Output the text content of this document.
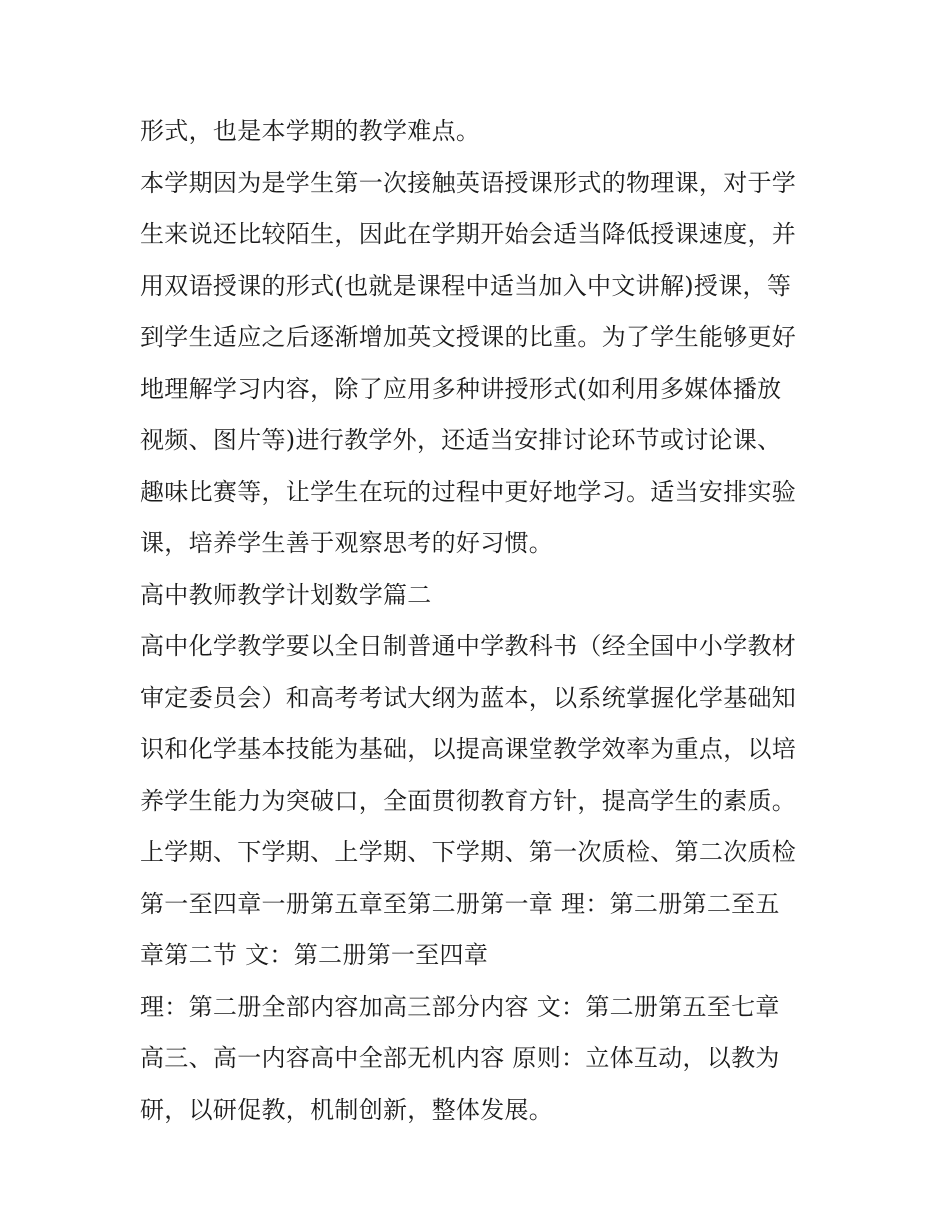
形式，也是本学期的教学难点。
本学期因为是学生第一次接触英语授课形式的物理课，对于学
生来说还比较陌生，因此在学期开始会适当降低授课速度，并
用双语授课的形式(也就是课程中适当加入中文讲解)授课，等
到学生适应之后逐渐增加英文授课的比重。为了学生能够更好
地理解学习内容，除了应用多种讲授形式(如利用多媒体播放
视频、图片等)进行教学外，还适当安排讨论环节或讨论课、
趣味比赛等，让学生在玩的过程中更好地学习。适当安排实验
课，培养学生善于观察思考的好习惯。
高中教师教学计划数学篇二
高中化学教学要以全日制普通中学教科书（经全国中小学教材
审定委员会）和高考考试大纲为蓝本，以系统掌握化学基础知
识和化学基本技能为基础，以提高课堂教学效率为重点，以培
养学生能力为突破口，全面贯彻教育方针，提高学生的素质。
上学期、下学期、上学期、下学期、第一次质检、第二次质检
第一至四章一册第五章至第二册第一章 理：第二册第二至五
章第二节 文：第二册第一至四章
理：第二册全部内容加高三部分内容 文：第二册第五至七章
高三、高一内容高中全部无机内容 原则：立体互动，以教为
研，以研促教，机制创新，整体发展。
